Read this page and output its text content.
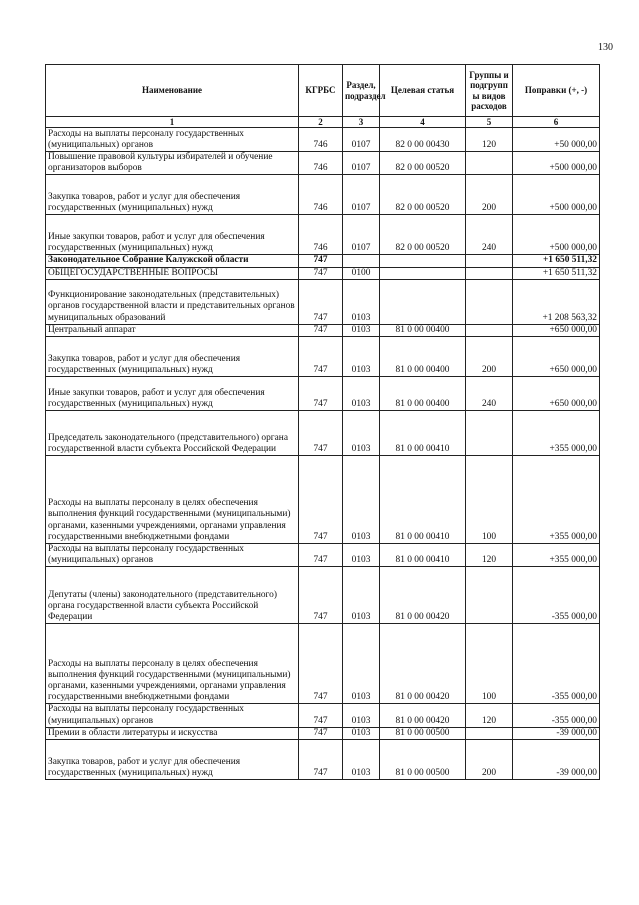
130
Наименование	КГРБС	Раздел, подраздел	Целевая статья	Группы и подгрупп ы видов расходов	Поправки (+, -)
1	2	3	4	5	6
Расходы на выплаты персоналу государственных (муниципальных) органов	746	0107	82 0 00 00430	120	+50 000,00
Повышение правовой культуры избирателей и обучение организаторов выборов	746	0107	82 0 00 00520		+500 000,00
Закупка товаров, работ и услуг для обеспечения государственных (муниципальных) нужд	746	0107	82 0 00 00520	200	+500 000,00
Иные закупки товаров, работ и услуг для обеспечения государственных (муниципальных) нужд	746	0107	82 0 00 00520	240	+500 000,00
Законодательное Собрание Калужской области	747				+1 650 511,32
ОБЩЕГОСУДАРСТВЕННЫЕ ВОПРОСЫ	747	0100			+1 650 511,32
Функционирование законодательных (представительных) органов государственной власти и представительных органов муниципальных образований	747	0103			+1 208 563,32
Центральный аппарат	747	0103	81 0 00 00400		+650 000,00
Закупка товаров, работ и услуг для обеспечения государственных (муниципальных) нужд	747	0103	81 0 00 00400	200	+650 000,00
Иные закупки товаров, работ и услуг для обеспечения государственных (муниципальных) нужд	747	0103	81 0 00 00400	240	+650 000,00
Председатель законодательного (представительного) органа государственной власти субъекта Российской Федерации	747	0103	81 0 00 00410		+355 000,00
Расходы на выплаты персоналу в целях обеспечения выполнения функций государственными (муниципальными) органами, казенными учреждениями, органами управления государственными внебюджетными фондами	747	0103	81 0 00 00410	100	+355 000,00
Расходы на выплаты персоналу государственных (муниципальных) органов	747	0103	81 0 00 00410	120	+355 000,00
Депутаты (члены) законодательного (представительного) органа государственной власти субъекта Российской Федерации	747	0103	81 0 00 00420		-355 000,00
Расходы на выплаты персоналу в целях обеспечения выполнения функций государственными (муниципальными) органами, казенными учреждениями, органами управления государственными внебюджетными фондами	747	0103	81 0 00 00420	100	-355 000,00
Расходы на выплаты персоналу государственных (муниципальных) органов	747	0103	81 0 00 00420	120	-355 000,00
Премии в области литературы и искусства	747	0103	81 0 00 00500		-39 000,00
Закупка товаров, работ и услуг для обеспечения государственных (муниципальных) нужд	747	0103	81 0 00 00500	200	-39 000,00
